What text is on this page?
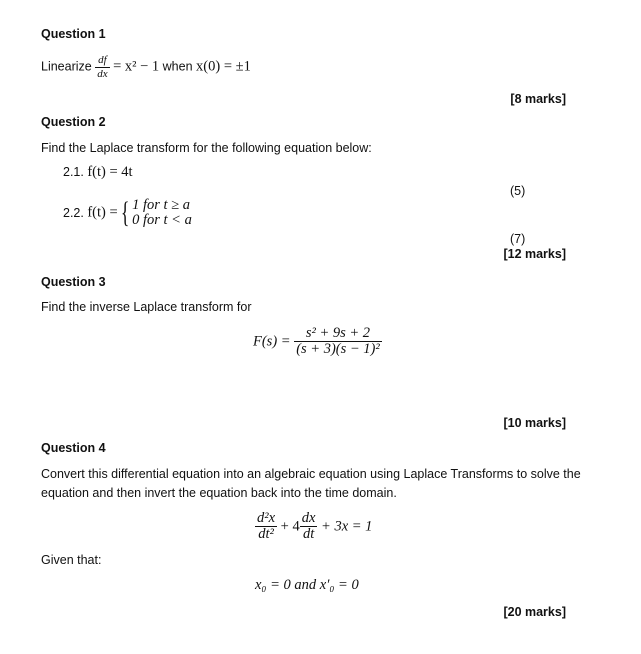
Question 1
Linearize $\frac{df}{dx} = x^2 - 1$ when x(0) = ±1
[8 marks]
Question 2
Find the Laplace transform for the following equation below:
2.1. f(t) = 4t
(5)
2.2. f(t) ={ 1 for t ≥ a
0 for t < a
(7)
[12 marks]
Question 3
Find the inverse Laplace transform for
$F(s) = \frac{\text{s² + 9s + 2}}{\text{(s + 3)(s − 1)²}}$
[10 marks]
Question 4
Convert this differential equation into an algebraic equation using Laplace Transforms to solve the
equation and then invert the equation back into the time domain.
$\frac{\text{d²x}}{\text{dt²}} + 4 \frac{dx}{dt} + 3x = 1$
Given that:
x₀ = 0 and x′₀ = 0
[20 marks]
